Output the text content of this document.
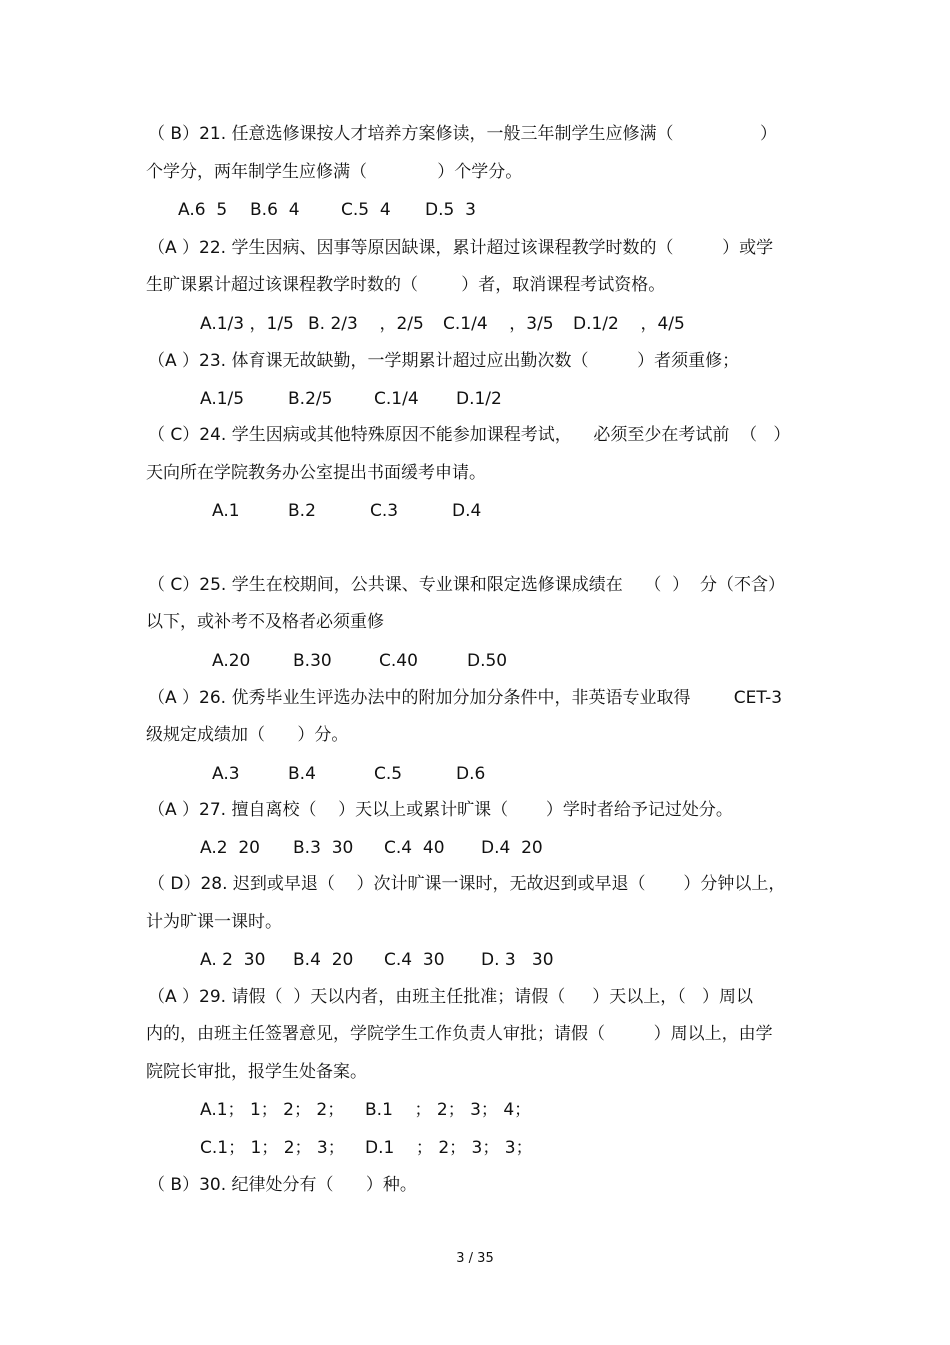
（ B）21. 任意选修课按人才培养方案修读，一般三年制学生应修满（                ）
个学分，两年制学生应修满（             ）个学分。
A.6  5 B.6  4 C.5  4 D.5  3
（A ）22. 学生因病、因事等原因缺课，累计超过该课程教学时数的（         ）或学
生旷课累计超过该课程教学时数的（        ）者，取消课程考试资格。
A.1/3 ，1/5 B. 2/3    ，2/5 C.1/4    ，3/5 D.1/2    ，4/5
（A ）23. 体育课无故缺勤，一学期累计超过应出勤次数（         ）者须重修；
A.1/5	B.2/5 C.1/4 D.1/2
（ C）24. 学生因病或其他特殊原因不能参加课程考试，    必须至少在考试前  （   ）
天向所在学院教务办公室提出书面缓考申请。
A.1	B.2	C.3	D.4
（ C）25. 学生在校期间，公共课、专业课和限定选修课成绩在    （  ）  分（不含）
以下，或补考不及格者必须重修
A.20	B.30	C.40	D.50
（A ）26. 优秀毕业生评选办法中的附加分加分条件中，非英语专业取得        CET-3
级规定成绩加（      ）分。
A.3	B.4	C.5	D.6
（A ）27. 擅自离校（    ）天以上或累计旷课（       ）学时者给予记过处分。
A.2  20 B.3  30 C.4  40 D.4  20
（ D）28. 迟到或早退（    ）次计旷课一课时，无故迟到或早退（       ）分钟以上，
计为旷课一课时。
A. 2  30 B.4  20 C.4  30 D. 3   30
（A ）29. 请假（  ）天以内者，由班主任批准；请假（     ）天以上，（   ）周以
内的，由班主任签署意见，学院学生工作负责人审批；请假（         ）周以上，由学
院院长审批，报学生处备案。
A.1； 1； 2； 2； B.1    ； 2； 3； 4；
C.1； 1； 2； 3； D.1    ； 2； 3； 3；
（ B）30. 纪律处分有（      ）种。
3 / 35
